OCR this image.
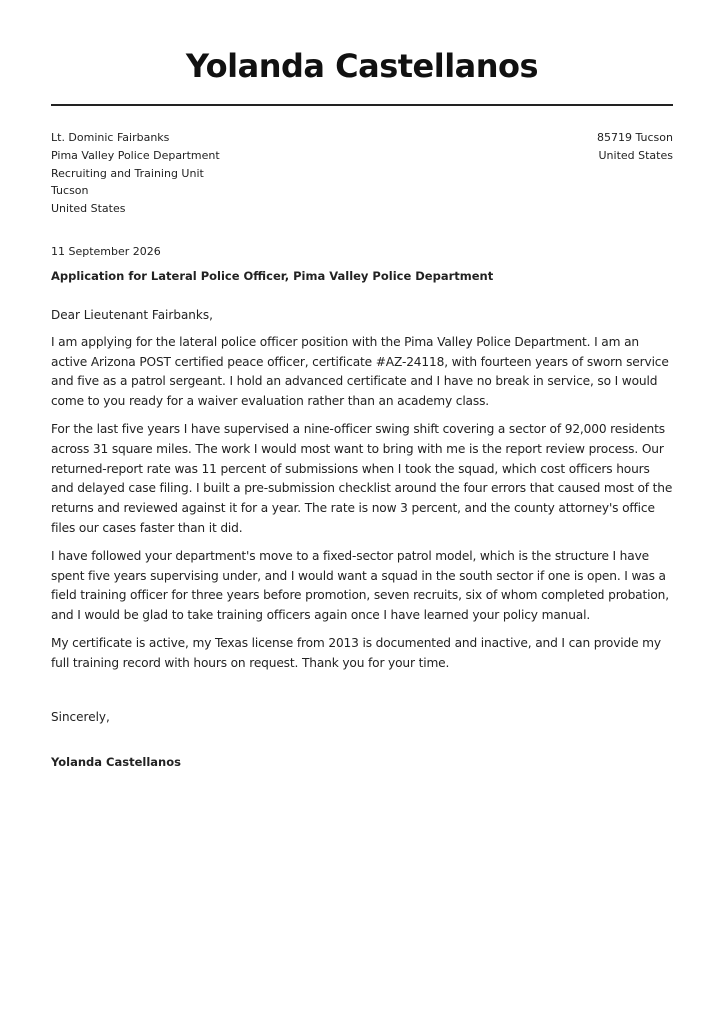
Yolanda Castellanos
Lt. Dominic Fairbanks
Pima Valley Police Department
Recruiting and Training Unit
Tucson
United States
85719 Tucson
United States
11 September 2026
Application for Lateral Police Officer, Pima Valley Police Department
Dear Lieutenant Fairbanks,

I am applying for the lateral police officer position with the Pima Valley Police Department. I am an active Arizona POST certified peace officer, certificate #AZ-24118, with fourteen years of sworn service and five as a patrol sergeant. I hold an advanced certificate and I have no break in service, so I would come to you ready for a waiver evaluation rather than an academy class.

For the last five years I have supervised a nine-officer swing shift covering a sector of 92,000 residents across 31 square miles. The work I would most want to bring with me is the report review process. Our returned-report rate was 11 percent of submissions when I took the squad, which cost officers hours and delayed case filing. I built a pre-submission checklist around the four errors that caused most of the returns and reviewed against it for a year. The rate is now 3 percent, and the county attorney's office files our cases faster than it did.

I have followed your department's move to a fixed-sector patrol model, which is the structure I have spent five years supervising under, and I would want a squad in the south sector if one is open. I was a field training officer for three years before promotion, seven recruits, six of whom completed probation, and I would be glad to take training officers again once I have learned your policy manual.

My certificate is active, my Texas license from 2013 is documented and inactive, and I can provide my full training record with hours on request. Thank you for your time.

Sincerely,
Yolanda Castellanos
